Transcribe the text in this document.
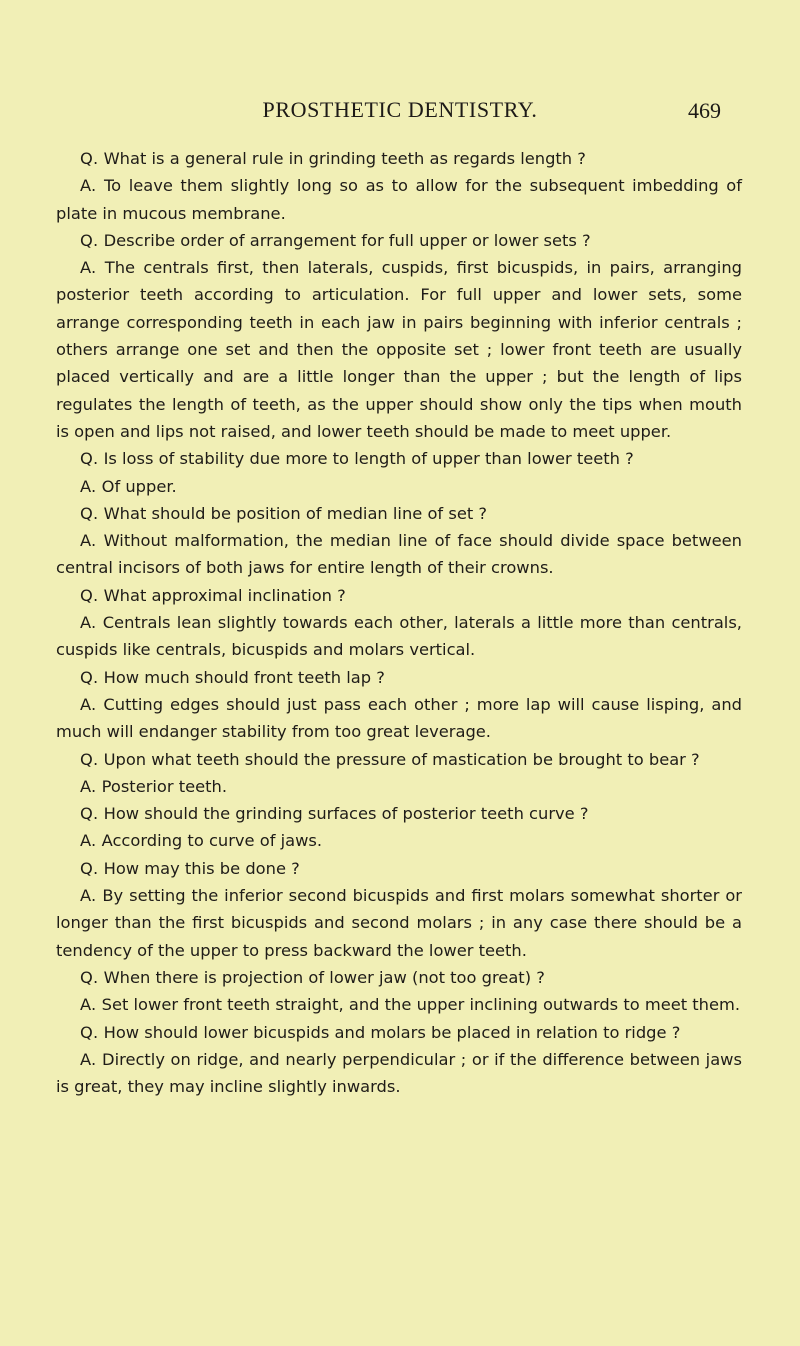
PROSTHETIC DENTISTRY.	469

Q. What is a general rule in grinding teeth as regards length ?

A. To leave them slightly long so as to allow for the subsequent imbedding of plate in mucous membrane.

Q. Describe order of arrangement for full upper or lower sets ?

A. The centrals first, then laterals, cuspids, first bicuspids, in pairs, arranging posterior teeth according to articulation. For full upper and lower sets, some arrange corresponding teeth in each jaw in pairs beginning with inferior centrals ; others arrange one set and then the opposite set ; lower front teeth are usually placed vertically and are a little longer than the upper ; but the length of lips regulates the length of teeth, as the upper should show only the tips when mouth is open and lips not raised, and lower teeth should be made to meet upper.

Q. Is loss of stability due more to length of upper than lower teeth ?

A. Of upper.

Q. What should be position of median line of set ?

A. Without malformation, the median line of face should divide space between central incisors of both jaws for entire length of their crowns.

Q. What approximal inclination ?

A. Centrals lean slightly towards each other, laterals a little more than centrals, cuspids like centrals, bicuspids and molars vertical.

Q. How much should front teeth lap ?

A. Cutting edges should just pass each other ; more lap will cause lisping, and much will endanger stability from too great leverage.

Q. Upon what teeth should the pressure of mastication be brought to bear ?

A. Posterior teeth.

Q. How should the grinding surfaces of posterior teeth curve ?

A. According to curve of jaws.

Q. How may this be done ?

A. By setting the inferior second bicuspids and first molars somewhat shorter or longer than the first bicuspids and second molars ; in any case there should be a tendency of the upper to press backward the lower teeth.

Q. When there is projection of lower jaw (not too great) ?

A. Set lower front teeth straight, and the upper inclining outwards to meet them.

Q. How should lower bicuspids and molars be placed in relation to ridge ?

A. Directly on ridge, and nearly perpendicular ; or if the difference between jaws is great, they may incline slightly inwards.
